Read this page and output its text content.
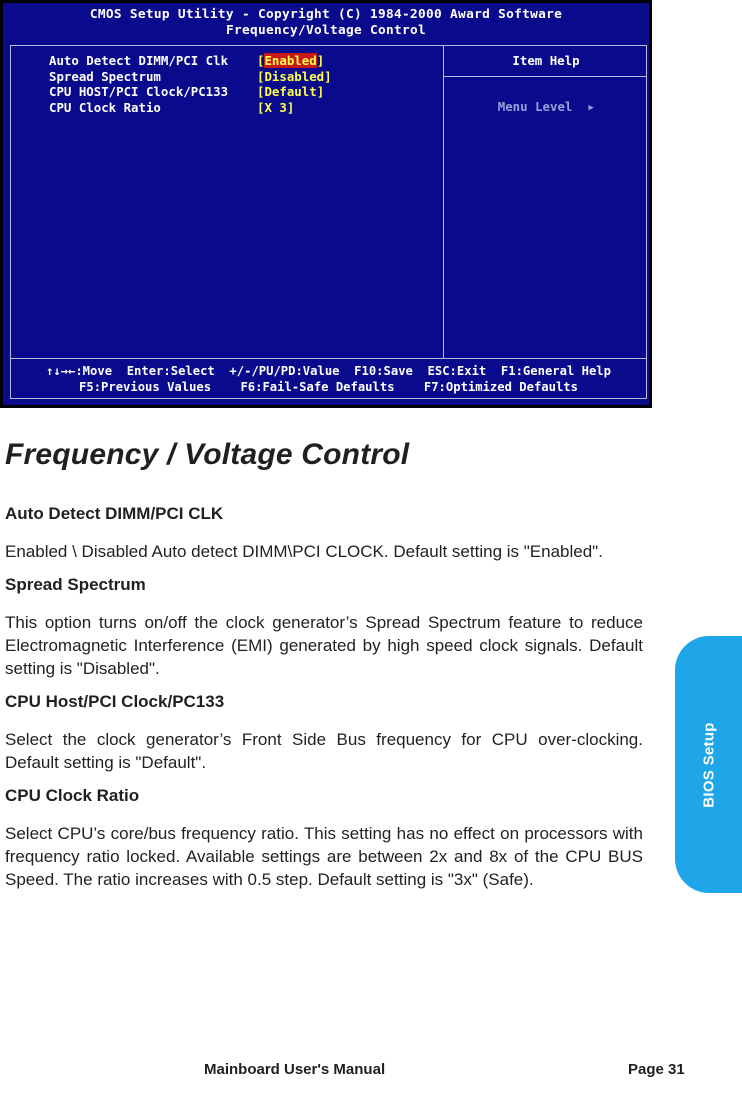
CMOS Setup Utility - Copyright (C) 1984-2000 Award Software
Frequency/Voltage Control
Auto Detect DIMM/PCI Clk	[Enabled]
Spread Spectrum	[Disabled]
CPU HOST/PCI Clock/PC133	[Default]
CPU Clock Ratio	[X 3]
Item Help

Menu Level ▶

↑↓→←:Move  Enter:Select  +/-/PU/PD:Value  F10:Save  ESC:Exit  F1:General Help
F5:Previous Values    F6:Fail-Safe Defaults    F7:Optimized Defaults
Frequency / Voltage Control

Auto Detect DIMM/PCI CLK

Enabled \ Disabled Auto detect DIMM\PCI CLOCK. Default setting is "Enabled".

Spread Spectrum

This option turns on/off the clock generator’s Spread Spectrum feature to reduce Electromagnetic Interference (EMI) generated by high speed clock signals. Default setting is "Disabled".

CPU Host/PCI Clock/PC133

Select the clock generator’s Front Side Bus frequency for CPU over-clocking. Default setting is "Default".

CPU Clock Ratio

Select CPU’s core/bus frequency ratio. This setting has no effect on processors with frequency ratio locked. Available settings are between 2x and 8x of the CPU BUS Speed. The ratio increases with 0.5 step. Default setting is "3x" (Safe).

BIOS Setup
Mainboard User's Manual	Page 31
